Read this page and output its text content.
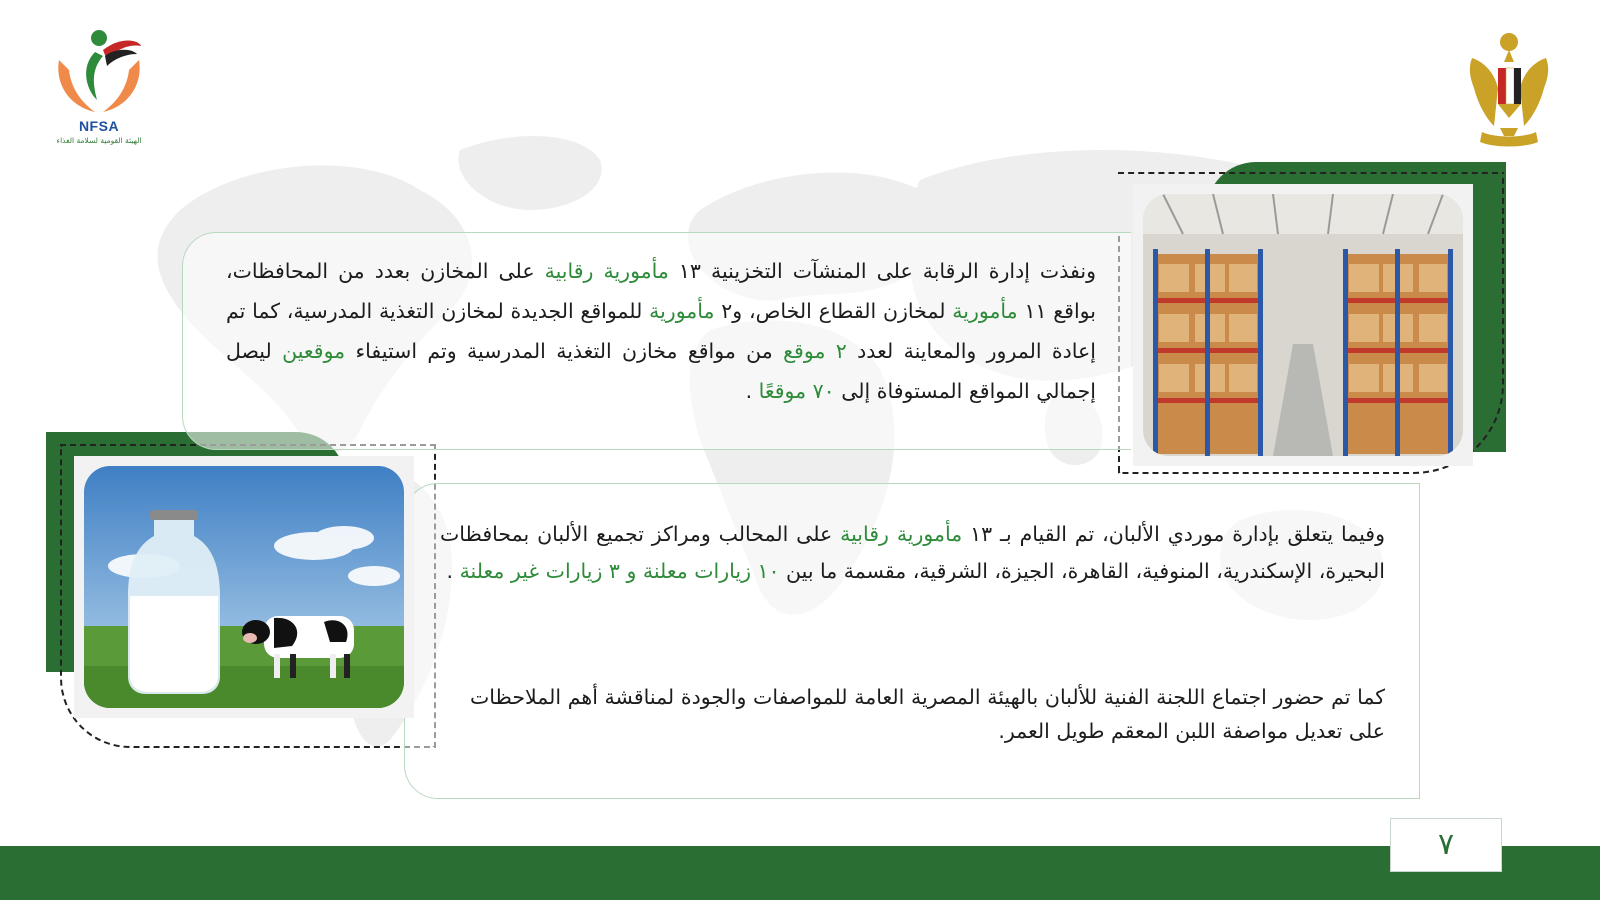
NFSA
الهيئة القومية لسلامة الغذاء
ونفذت إدارة الرقابة على المنشآت التخزينية ١٣ مأمورية رقابية على المخازن بعدد من المحافظات، بواقع ١١ مأمورية لمخازن القطاع الخاص، و٢ مأمورية للمواقع الجديدة لمخازن التغذية المدرسية، كما تم إعادة المرور والمعاينة لعدد ٢ موقع من مواقع مخازن التغذية المدرسية وتم استيفاء موقعين ليصل إجمالي المواقع المستوفاة إلى ٧٠ موقعًا .
وفيما يتعلق بإدارة موردي الألبان، تم القيام بـ ١٣ مأمورية رقابية على المحالب ومراكز تجميع الألبان بمحافظات البحيرة، الإسكندرية، المنوفية، القاهرة، الجيزة، الشرقية، مقسمة ما بين ١٠ زيارات معلنة و ٣ زيارات غير معلنة .
كما تم حضور اجتماع اللجنة الفنية للألبان بالهيئة المصرية العامة للمواصفات والجودة لمناقشة أهم الملاحظات على تعديل مواصفة اللبن المعقم طويل العمر.
٧
